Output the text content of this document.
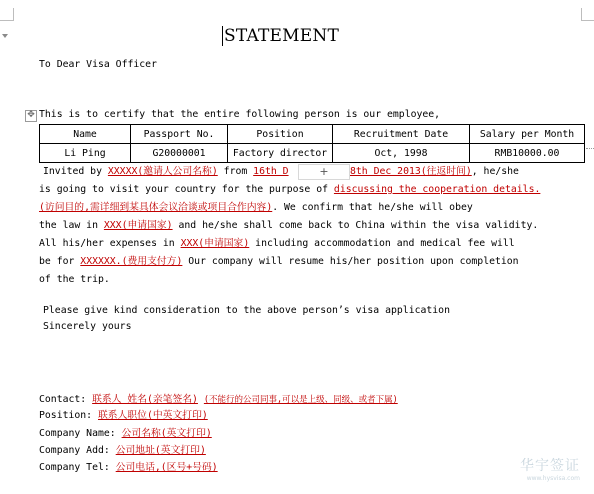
STATEMENT
To Dear Visa Officer
✥ This is to certify that the entire following person is our employee,
Name	Passport No.	Position	Recruitment Date	Salary per Month
Li Ping	G20000001	Factory director	Oct, 1998	RMB10000.00
Invited by XXXXX(邀请人公司名称) from 16th D	8th Dec 2013(往返时间), he/she
+
is going to visit your country for the purpose of discussing the cooperation details.
(访问目的,需详细到某具体会议洽谈或项目合作内容). We confirm that he/she will obey
the law in XXX(申请国家) and he/she shall come back to China within the visa validity.
All his/her expenses in XXX(申请国家) including accommodation and medical fee will
be for XXXXXX.(费用支付方) Our company will resume his/her position upon completion
of the trip.
Please give kind consideration to the above person’s visa application
Sincerely yours
Contact: 联系人 姓名(亲笔签名) (不能行的公司同事,可以是上级、同级、或者下属)
Position: 联系人职位(中英文打印)
Company Name: 公司名称(英文打印)
Company Add: 公司地址(英文打印)
Company Tel: 公司电话,(区号+号码)	华宇签证
www.hysvisa.com
